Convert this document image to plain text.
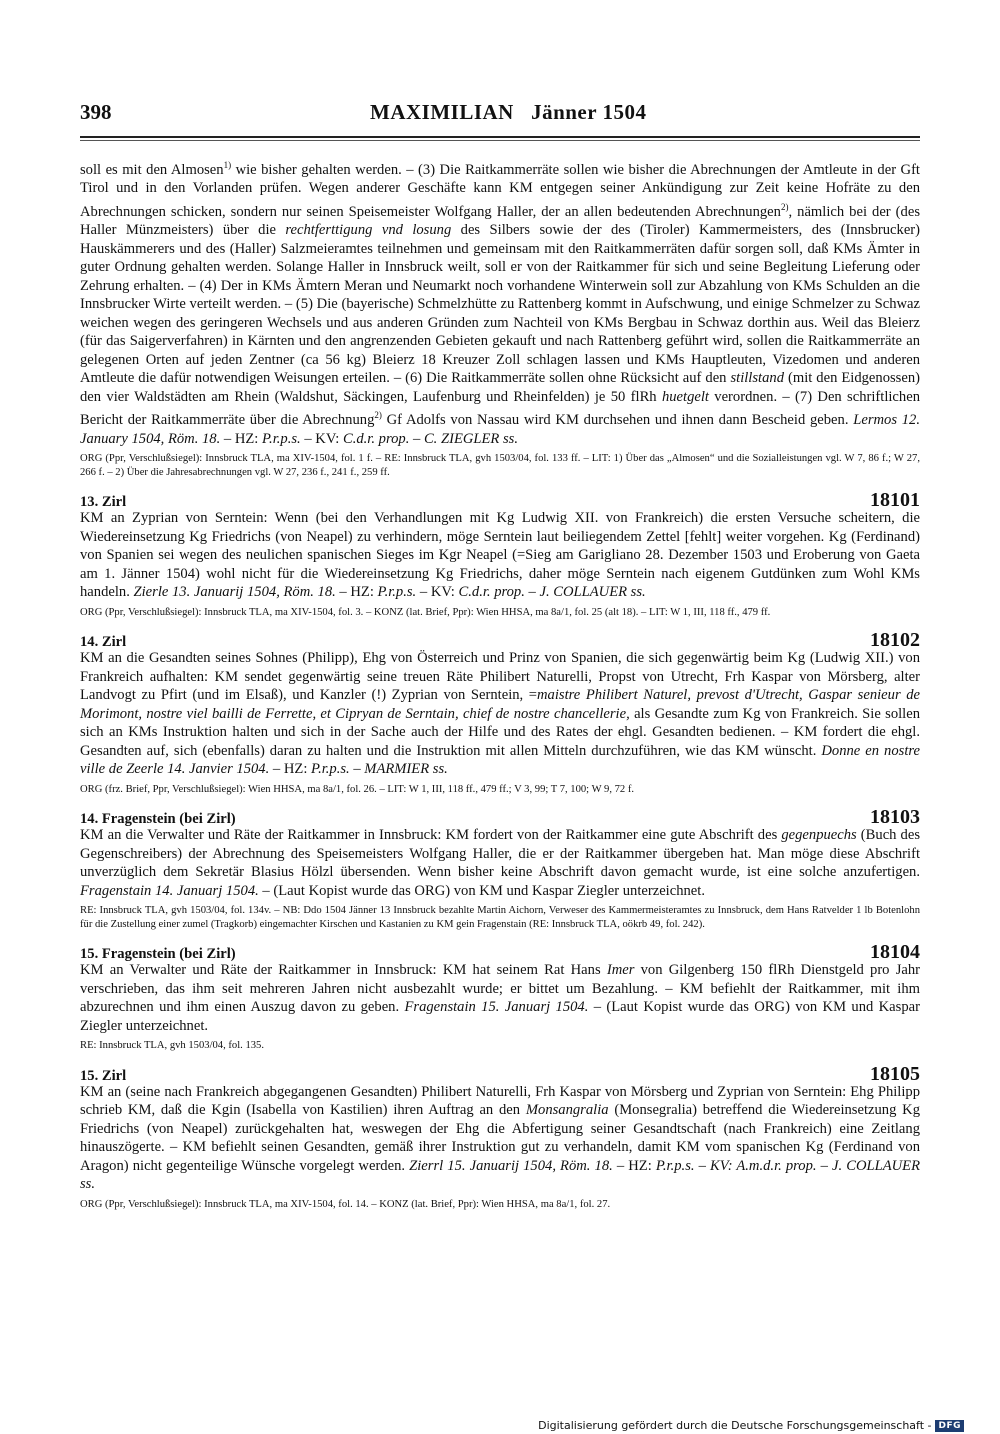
398	MAXIMILIAN   Jänner 1504

soll es mit den Almosen$^{1)}$ wie bisher gehalten werden. – (3) Die Raitkammerräte sollen wie bisher die Abrechnungen der Amtleute in der Gft Tirol und in den Vorlanden prüfen. Wegen anderer Geschäfte kann KM entgegen seiner Ankündigung zur Zeit keine Hofräte zu den Abrechnungen schicken, sondern nur seinen Speisemeister Wolfgang Haller, der an allen bedeutenden Abrechnungen$^{2)}$, nämlich bei der (des Haller Münzmeisters) über die rechtferttigung vnd losung des Silbers sowie der des (Tiroler) Kammermeisters, des (Innsbrucker) Hauskämmerers und des (Haller) Salzmeieramtes teilnehmen und gemeinsam mit den Raitkammerräten dafür sorgen soll, daß KMs Ämter in guter Ordnung gehalten werden. Solange Haller in Innsbruck weilt, soll er von der Raitkammer für sich und seine Begleitung Lieferung oder Zehrung erhalten. – (4) Der in KMs Ämtern Meran und Neumarkt noch vorhandene Winterwein soll zur Abzahlung von KMs Schulden an die Innsbrucker Wirte verteilt werden. – (5) Die (bayerische) Schmelzhütte zu Rattenberg kommt in Aufschwung, und einige Schmelzer zu Schwaz weichen wegen des geringeren Wechsels und aus anderen Gründen zum Nachteil von KMs Bergbau in Schwaz dorthin aus. Weil das Bleierz (für das Saigerverfahren) in Kärnten und den angrenzenden Gebieten gekauft und nach Rattenberg geführt wird, sollen die Raitkammerräte an gelegenen Orten auf jeden Zentner (ca 56 kg) Bleierz 18 Kreuzer Zoll schlagen lassen und KMs Hauptleuten, Vizedomen und anderen Amtleute die dafür notwendigen Weisungen erteilen. – (6) Die Raitkammerräte sollen ohne Rücksicht auf den stillstand (mit den Eidgenossen) den vier Waldstädten am Rhein (Waldshut, Säckingen, Laufenburg und Rheinfelden) je 50 flRh huetgelt verordnen. – (7) Den schriftlichen Bericht der Raitkammerräte über die Abrechnung$^{2)}$ Gf Adolfs von Nassau wird KM durchsehen und ihnen dann Bescheid geben. Lermos 12. January 1504, Röm. 18. – HZ: P.r.p.s. – KV: C.d.r. prop. – C. ZIEGLER ss.

ORG (Ppr, Verschlußsiegel): Innsbruck TLA, ma XIV-1504, fol. 1 f. – RE: Innsbruck TLA, gvh 1503/04, fol. 133 ff. – LIT: 1) Über das „Almosen“ und die Sozialleistungen vgl. W 7, 86 f.; W 27, 266 f. – 2) Über die Jahresabrechnungen vgl. W 27, 236 f., 241 f., 259 ff.

13. Zirl	18101

KM an Zyprian von Serntein: Wenn (bei den Verhandlungen mit Kg Ludwig XII. von Frankreich) die ersten Versuche scheitern, die Wiedereinsetzung Kg Friedrichs (von Neapel) zu verhindern, möge Serntein laut beiliegendem Zettel [fehlt] weiter vorgehen. Kg (Ferdinand) von Spanien sei wegen des neulichen spanischen Sieges im Kgr Neapel (=Sieg am Garigliano 28. Dezember 1503 und Eroberung von Gaeta am 1. Jänner 1504) wohl nicht für die Wiedereinsetzung Kg Friedrichs, daher möge Serntein nach eigenem Gutdünken zum Wohl KMs handeln. Zierle 13. Januarij 1504, Röm. 18. – HZ: P.r.p.s. – KV: C.d.r. prop. – J. COLLAUER ss.

ORG (Ppr, Verschlußsiegel): Innsbruck TLA, ma XIV-1504, fol. 3. – KONZ (lat. Brief, Ppr): Wien HHSA, ma 8a/1, fol. 25 (alt 18). – LIT: W 1, III, 118 ff., 479 ff.

14. Zirl	18102

KM an die Gesandten seines Sohnes (Philipp), Ehg von Österreich und Prinz von Spanien, die sich gegenwärtig beim Kg (Ludwig XII.) von Frankreich aufhalten: KM sendet gegenwärtig seine treuen Räte Philibert Naturelli, Propst von Utrecht, Frh Kaspar von Mörsberg, alter Landvogt zu Pfirt (und im Elsaß), und Kanzler (!) Zyprian von Serntein, =maistre Philibert Naturel, prevost d'Utrecht, Gaspar senieur de Morimont, nostre viel bailli de Ferrette, et Cipryan de Serntain, chief de nostre chancellerie, als Gesandte zum Kg von Frankreich. Sie sollen sich an KMs Instruktion halten und sich in der Sache auch der Hilfe und des Rates der ehgl. Gesandten bedienen. – KM fordert die ehgl. Gesandten auf, sich (ebenfalls) daran zu halten und die Instruktion mit allen Mitteln durchzuführen, wie das KM wünscht. Donne en nostre ville de Zeerle 14. Janvier 1504. – HZ: P.r.p.s. – MARMIER ss.

ORG (frz. Brief, Ppr, Verschlußsiegel): Wien HHSA, ma 8a/1, fol. 26. – LIT: W 1, III, 118 ff., 479 ff.; V 3, 99; T 7, 100; W 9, 72 f.

14. Fragenstein (bei Zirl)	18103

KM an die Verwalter und Räte der Raitkammer in Innsbruck: KM fordert von der Raitkammer eine gute Abschrift des gegenpuechs (Buch des Gegenschreibers) der Abrechnung des Speisemeisters Wolfgang Haller, die er der Raitkammer übergeben hat. Man möge diese Abschrift unverzüglich dem Sekretär Blasius Hölzl übersenden. Wenn bisher keine Abschrift davon gemacht wurde, ist eine solche anzufertigen. Fragenstain 14. Januarj 1504. – (Laut Kopist wurde das ORG) von KM und Kaspar Ziegler unterzeichnet.

RE: Innsbruck TLA, gvh 1503/04, fol. 134v. – NB: Ddo 1504 Jänner 13 Innsbruck bezahlte Martin Aichorn, Verweser des Kammermeisteramtes zu Innsbruck, dem Hans Ratvelder 1 lb Botenlohn für die Zustellung einer zumel (Tragkorb) eingemachter Kirschen und Kastanien zu KM gein Fragenstain (RE: Innsbruck TLA, oökrb 49, fol. 242).

15. Fragenstein (bei Zirl)	18104

KM an Verwalter und Räte der Raitkammer in Innsbruck: KM hat seinem Rat Hans Imer von Gilgenberg 150 flRh Dienstgeld pro Jahr verschrieben, das ihm seit mehreren Jahren nicht ausbezahlt wurde; er bittet um Bezahlung. – KM befiehlt der Raitkammer, mit ihm abzurechnen und ihm einen Auszug davon zu geben. Fragenstain 15. Januarj 1504. – (Laut Kopist wurde das ORG) von KM und Kaspar Ziegler unterzeichnet.

RE: Innsbruck TLA, gvh 1503/04, fol. 135.

15. Zirl	18105

KM an (seine nach Frankreich abgegangenen Gesandten) Philibert Naturelli, Frh Kaspar von Mörsberg und Zyprian von Serntein: Ehg Philipp schrieb KM, daß die Kgin (Isabella von Kastilien) ihren Auftrag an den Monsangralia (Monsegralia) betreffend die Wiedereinsetzung Kg Friedrichs (von Neapel) zurückgehalten hat, weswegen der Ehg die Abfertigung seiner Gesandtschaft (nach Frankreich) eine Zeitlang hinauszögerte. – KM befiehlt seinen Gesandten, gemäß ihrer Instruktion gut zu verhandeln, damit KM vom spanischen Kg (Ferdinand von Aragon) nicht gegenteilige Wünsche vorgelegt werden. Zierrl 15. Januarij 1504, Röm. 18. – HZ: P.r.p.s. – KV: A.m.d.r. prop. – J. COLLAUER ss.

ORG (Ppr, Verschlußsiegel): Innsbruck TLA, ma XIV-1504, fol. 14. – KONZ (lat. Brief, Ppr): Wien HHSA, ma 8a/1, fol. 27.

Digitalisierung gefördert durch die Deutsche Forschungsgemeinschaft - DFG
